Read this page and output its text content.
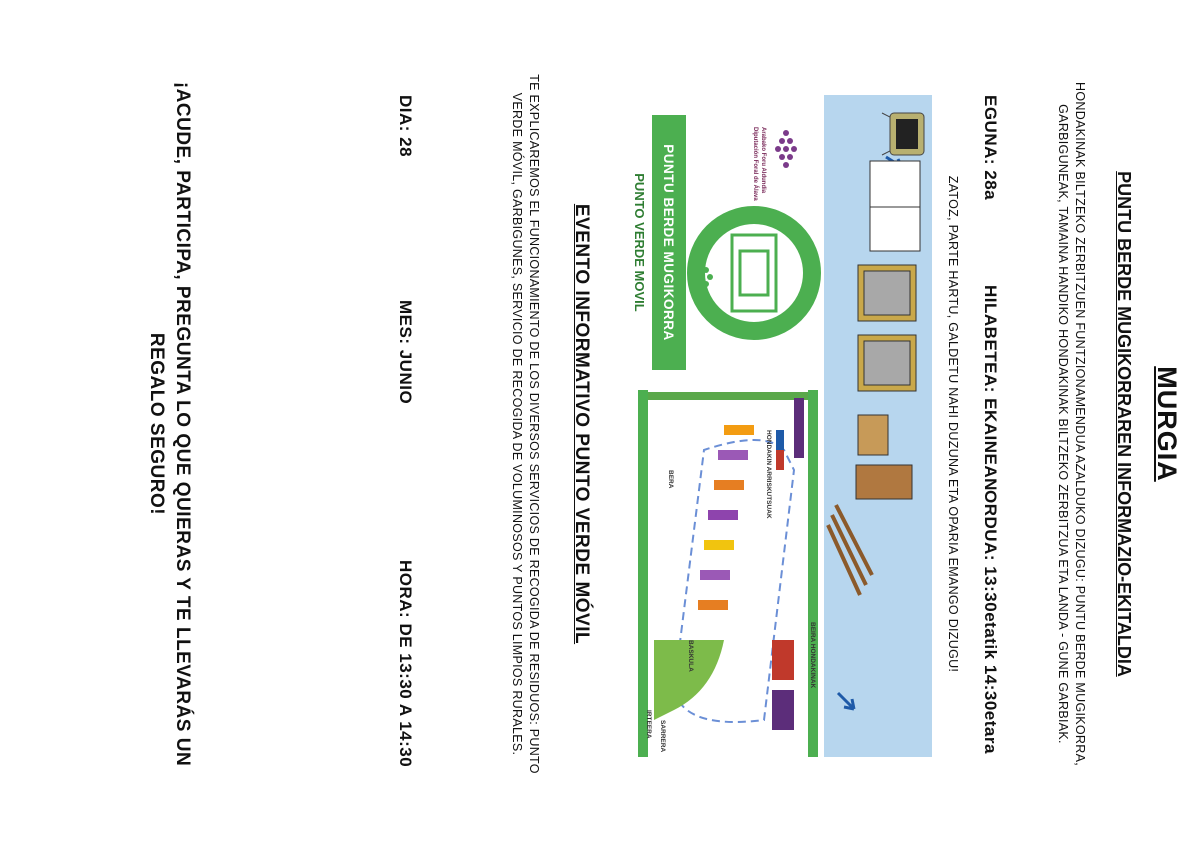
MURGIA
PUNTU BERDE MUGIKORRAREN INFORMAZIO-EKITALDIA
HONDAKINAK BILTZEKO ZERBITZUEN FUNTZIONAMENDUA AZALDUKO DIZUGU: PUNTU BERDE MUGIKORRA, GARBIGUNEAK, TAMAINA HANDIKO HONDAKINAK BILTZEKO ZERBITZUA ETA LANDA - GUNE GARBIAK.
EGUNA: 28a
HILABETEA: EKAINEAN
ORDUA: 13:30etatik 14:30etara
ZATOZ, PARTE HARTU, GALDETU NAHI DUZUNA ETA OPARIA EMANGO DIZUGU!
Arabako Foru Aldundia
Diputación Foral de Álava
PUNTU BERDE MUGIKORRA
PUNTO VERDE MOVIL
HONDAKIN ARRISKUTSUAK
BEIRA HONDAKINAK
BASKULA
SARRERA
IRTEERA
BERA
EVENTO INFORMATIVO PUNTO VERDE MÓVIL
TE EXPLICAREMOS EL FUNCIONAMIENTO DE LOS DIVERSOS SERVICIOS DE RECOGIDA DE RESIDUOS: PUNTO VERDE MÓVIL, GARBIGUNES, SERVICIO DE RECOGIDA DE VOLUMINOSOS Y PUNTOS LIMPIOS RURALES.
DIA: 28
MES: JUNIO
HORA: DE 13:30 A 14:30
¡ACUDE, PARTICIPA, PREGUNTA LO QUE QUIERAS Y TE LLEVARÁS UN REGALO SEGURO!
